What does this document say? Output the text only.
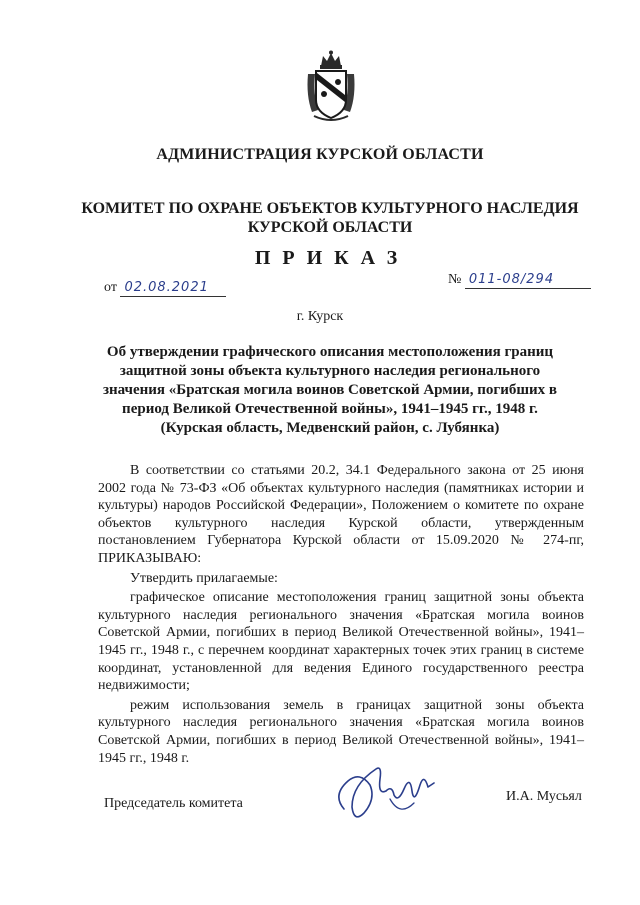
АДМИНИСТРАЦИЯ КУРСКОЙ ОБЛАСТИ
КОМИТЕТ ПО ОХРАНЕ ОБЪЕКТОВ КУЛЬТУРНОГО НАСЛЕДИЯ КУРСКОЙ ОБЛАСТИ
ПРИКАЗ
от 02.08.2021
№ 011-08/294
г. Курск
Об утверждении графического описания местоположения границ защитной зоны объекта культурного наследия регионального значения «Братская могила воинов Советской Армии, погибших в период Великой Отечественной войны», 1941–1945 гг., 1948 г. (Курская область, Медвенский район, с. Лубянка)

В соответствии со статьями 20.2, 34.1 Федерального закона от 25 июня 2002 года № 73-ФЗ «Об объектах культурного наследия (памятниках истории и культуры) народов Российской Федерации», Положением о комитете по охране объектов культурного наследия Курской области, утвержденным постановлением Губернатора Курской области от 15.09.2020 № 274-пг, ПРИКАЗЫВАЮ:

Утвердить прилагаемые:

графическое описание местоположения границ защитной зоны объекта культурного наследия регионального значения «Братская могила воинов Советской Армии, погибших в период Великой Отечественной войны», 1941–1945 гг., 1948 г., с перечнем координат характерных точек этих границ в системе координат, установленной для ведения Единого государственного реестра недвижимости;

режим использования земель в границах защитной зоны объекта культурного наследия регионального значения «Братская могила воинов Советской Армии, погибших в период Великой Отечественной войны», 1941–1945 гг., 1948 г.

Председатель комитета	И.А. Мусьял
